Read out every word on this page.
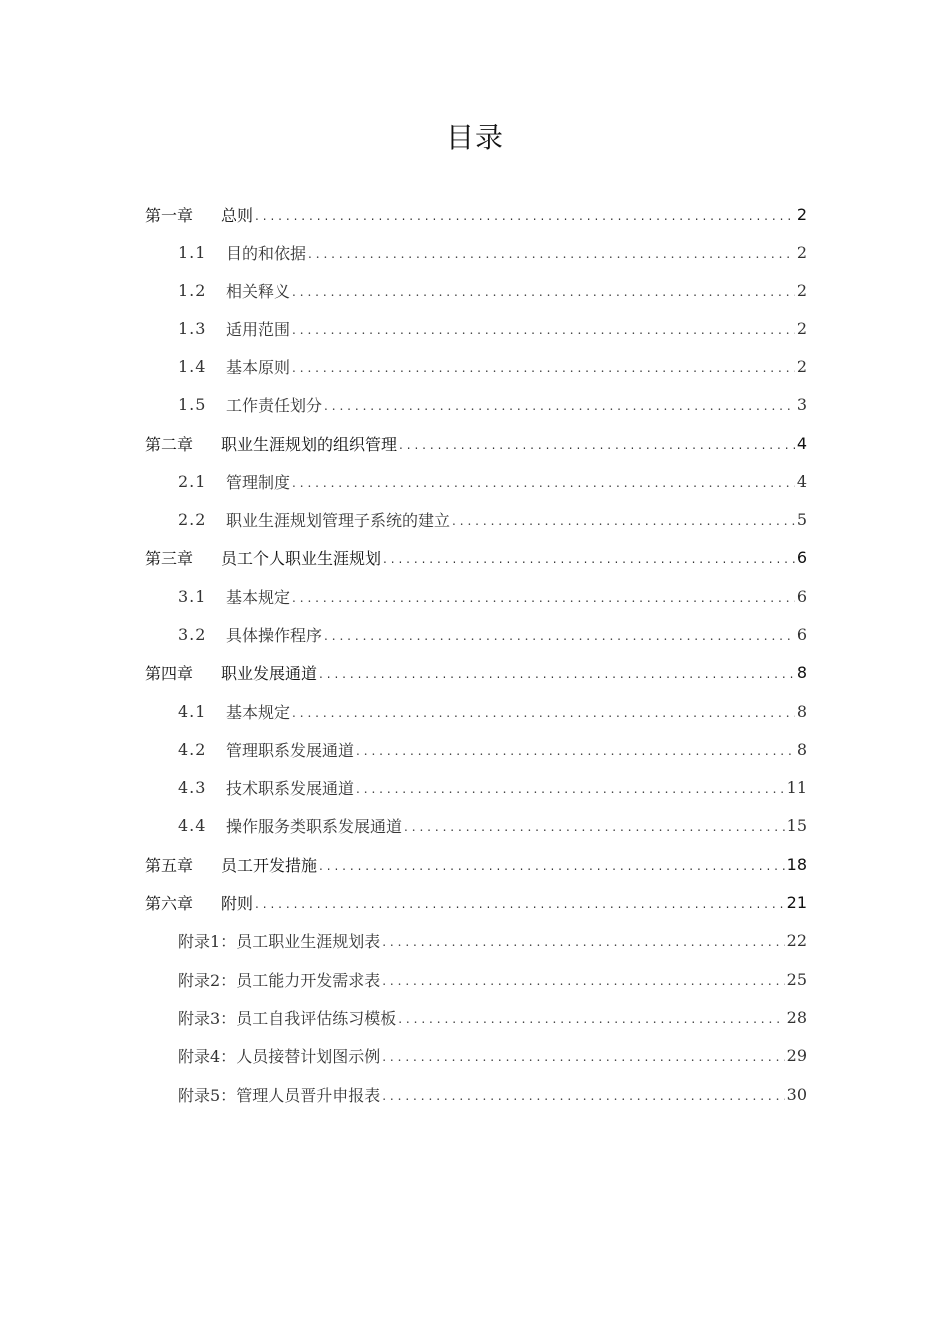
目录
第一章	总则 .....	2
1.1	目的和依据 .....	2
1.2	相关释义 .....	2
1.3	适用范围 .....	2
1.4	基本原则 .....	2
1.5	工作责任划分 .....	3
第二章	职业生涯规划的组织管理 .....	4
2.1	管理制度 .....	4
2.2	职业生涯规划管理子系统的建立 .....	5
第三章	员工个人职业生涯规划 .....	6
3.1	基本规定 .....	6
3.2	具体操作程序 .....	6
第四章	职业发展通道 .....	8
4.1	基本规定 .....	8
4.2	管理职系发展通道 .....	8
4.3	技术职系发展通道 .....	11
4.4	操作服务类职系发展通道 .....	15
第五章	员工开发措施 .....	18
第六章	附则 .....	21
附录1： 员工职业生涯规划表 .....	22
附录2： 员工能力开发需求表 .....	25
附录3： 员工自我评估练习模板 .....	28
附录4： 人员接替计划图示例 .....	29
附录5： 管理人员晋升申报表 .....	30
